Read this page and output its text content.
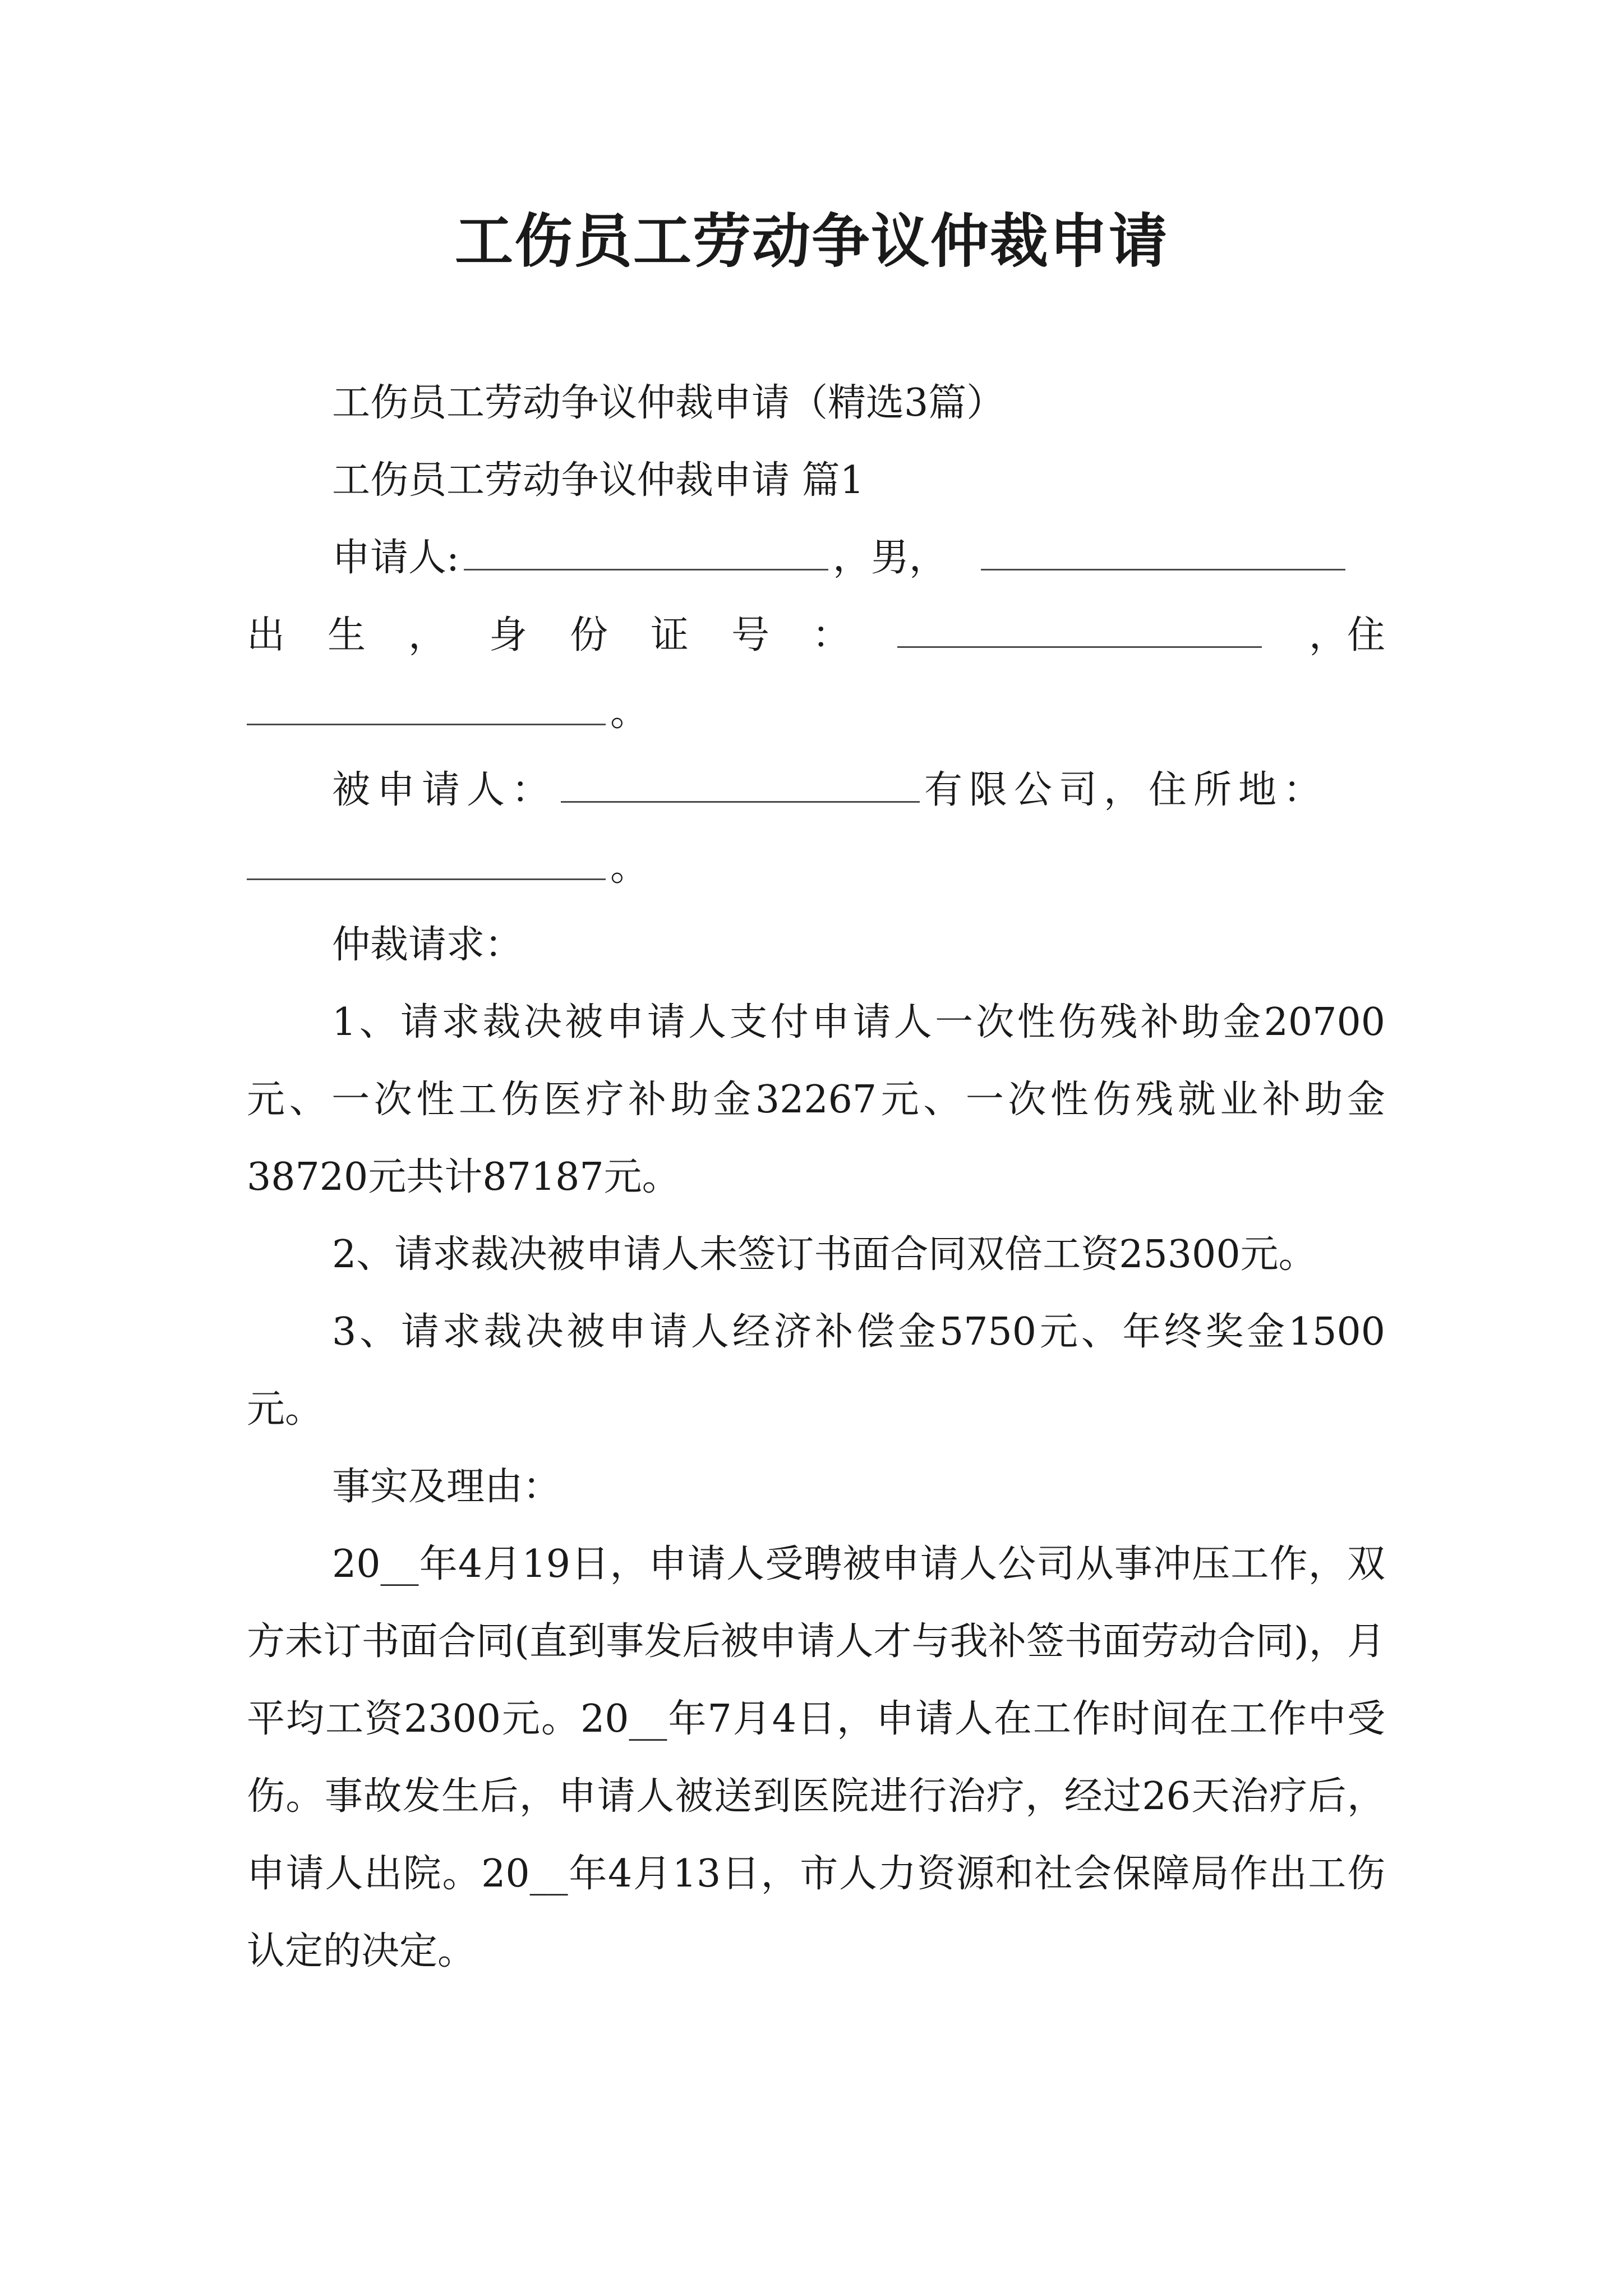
工伤员工劳动争议仲裁申请

工伤员工劳动争议仲裁申请（精选3篇）

工伤员工劳动争议仲裁申请 篇1

申请人:	，男，

出 生 ， 身 份 证 号 ：	，住

。

被申请人：	有限公司，住所地：

。

仲裁请求：

1、请求裁决被申请人支付申请人一次性伤残补助金20700元、一次性工伤医疗补助金32267元、一次性伤残就业补助金38720元共计87187元。

2、请求裁决被申请人未签订书面合同双倍工资25300元。

3、请求裁决被申请人经济补偿金5750元、年终奖金1500元。

事实及理由：

20__年4月19日，申请人受聘被申请人公司从事冲压工作，双方未订书面合同(直到事发后被申请人才与我补签书面劳动合同)，月平均工资2300元。20__年7月4日，申请人在工作时间在工作中受伤。事故发生后，申请人被送到医院进行治疗，经过26天治疗后，申请人出院。20__年4月13日，市人力资源和社会保障局作出工伤认定的决定。
